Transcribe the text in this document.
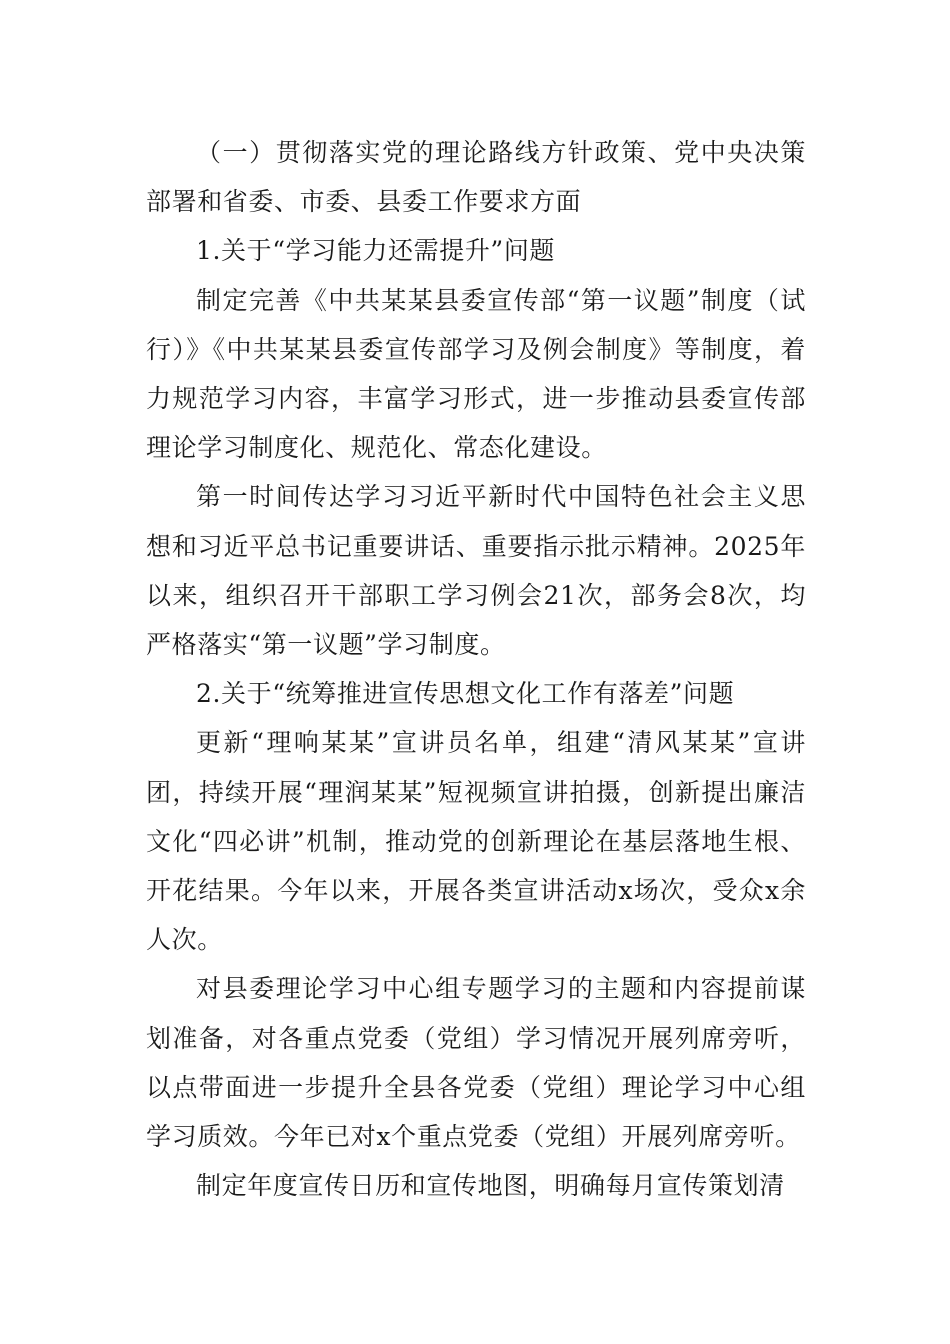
（一）贯彻落实党的理论路线方针政策、党中央决策部署和省委、市委、县委工作要求方面

1.关于“学习能力还需提升”问题

制定完善《中共某某县委宣传部“第一议题”制度（试行）》《中共某某县委宣传部学习及例会制度》等制度，着力规范学习内容，丰富学习形式，进一步推动县委宣传部理论学习制度化、规范化、常态化建设。

第一时间传达学习习近平新时代中国特色社会主义思想和习近平总书记重要讲话、重要指示批示精神。2025年以来，组织召开干部职工学习例会21次，部务会8次，均严格落实“第一议题”学习制度。

2.关于“统筹推进宣传思想文化工作有落差”问题

更新“理响某某”宣讲员名单，组建“清风某某”宣讲团，持续开展“理润某某”短视频宣讲拍摄，创新提出廉洁文化“四必讲”机制，推动党的创新理论在基层落地生根、开花结果。今年以来，开展各类宣讲活动x场次，受众x余人次。

对县委理论学习中心组专题学习的主题和内容提前谋划准备，对各重点党委（党组）学习情况开展列席旁听，以点带面进一步提升全县各党委（党组）理论学习中心组学习质效。今年已对x个重点党委（党组）开展列席旁听。

制定年度宣传日历和宣传地图，明确每月宣传策划清
